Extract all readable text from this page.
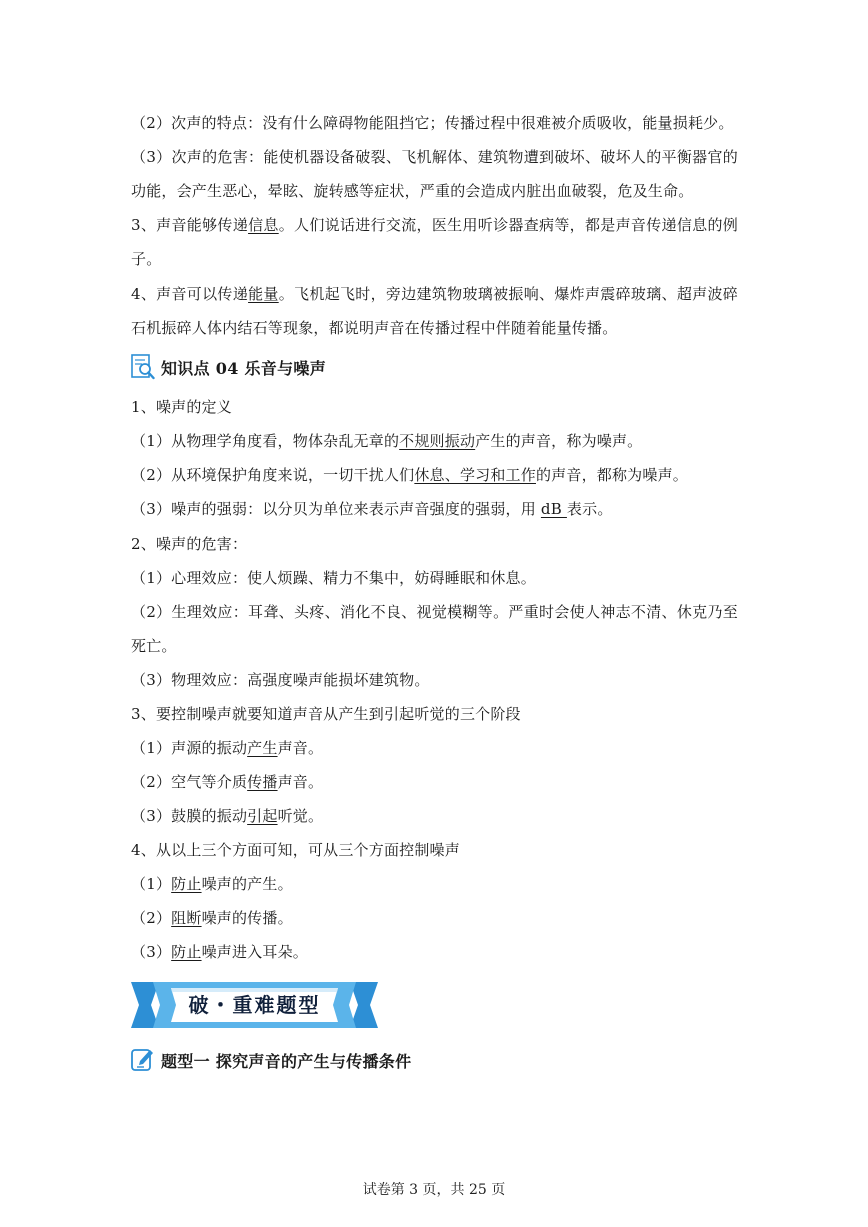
（2）次声的特点：没有什么障碍物能阻挡它；传播过程中很难被介质吸收，能量损耗少。
（3）次声的危害：能使机器设备破裂、飞机解体、建筑物遭到破坏、破坏人的平衡器官的
功能，会产生恶心，晕眩、旋转感等症状，严重的会造成内脏出血破裂，危及生命。
3、声音能够传递信息。人们说话进行交流，医生用听诊器查病等，都是声音传递信息的例
子。
4、声音可以传递能量。飞机起飞时，旁边建筑物玻璃被振响、爆炸声震碎玻璃、超声波碎
石机振碎人体内结石等现象，都说明声音在传播过程中伴随着能量传播。
知识点 04 乐音与噪声
1、噪声的定义
（1）从物理学角度看，物体杂乱无章的不规则振动产生的声音，称为噪声。
（2）从环境保护角度来说，一切干扰人们休息、学习和工作的声音，都称为噪声。
（3）噪声的强弱：以分贝为单位来表示声音强度的强弱，用 dB 表示。
2、噪声的危害：
（1）心理效应：使人烦躁、精力不集中，妨碍睡眠和休息。
（2）生理效应：耳聋、头疼、消化不良、视觉模糊等。严重时会使人神志不清、休克乃至
死亡。
（3）物理效应：高强度噪声能损坏建筑物。
3、要控制噪声就要知道声音从产生到引起听觉的三个阶段
（1）声源的振动产生声音。
（2）空气等介质传播声音。
（3）鼓膜的振动引起听觉。
4、从以上三个方面可知，可从三个方面控制噪声
（1）防止噪声的产生。
（2）阻断噪声的传播。
（3）防止噪声进入耳朵。
破・重难题型
题型一 探究声音的产生与传播条件
试卷第 3 页，共 25 页
